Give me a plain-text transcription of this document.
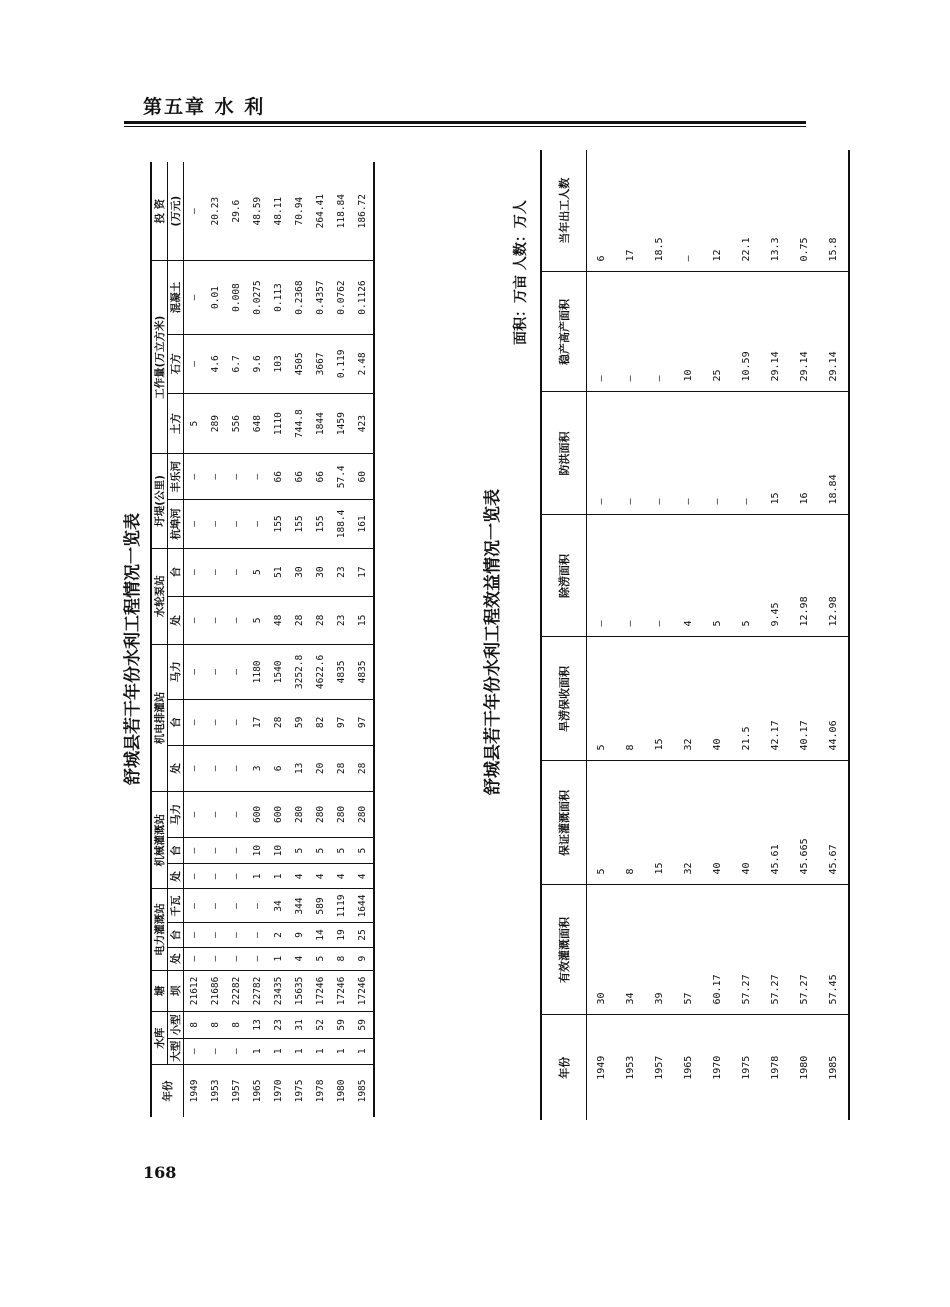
第五章 水 利
舒城县若干年份水利工程情况一览表
年份	水库		塘	电力灌溉站			机械灌溉站			机电排灌站			水轮泵站		圩堤(公里)		工作量(万立方米)			投 资
	大型	小型	坝																	(万元)
				处	台	千瓦	处	台	马力	处	台	马力	处	台	杭埠河	丰乐河	土方	石方	混凝土	
1949	—	8	21612	—	—	—	—	—	—	—	—	—	—	—	—	—	5	—	—	—
1953	—	8	21686	—	—	—	—	—	—	—	—	—	—	—	—	—	289	4.6	0.01	20.23
1957	—	8	22282	—	—	—	—	—	—	—	—	—	—	—	—	—	556	6.7	0.008	29.6
1965	1	13	22782	—	—	—	1	10	600	3	17	1180	5	5	—	—	648	9.6	0.0275	48.59
1970	1	23	23435	1	2	34	1	10	600	6	28	1540	48	51	155	66	1110	103	0.113	48.11
1975	1	31	15635	4	9	344	4	5	280	13	59	3252.8	28	30	155	66	744.8	4505	0.2368	70.94
1978	1	52	17246	5	14	589	4	5	280	20	82	4622.6	28	30	155	66	1844	3667	0.4357	264.41
1980	1	59	17246	8	19	1119	4	5	280	28	97	4835	23	23	188.4	57.4	1459	0.119	0.0762	118.84
1985	1	59	17246	9	25	1644	4	5	280	28	97	4835	15	17	161	60	423	2.48	0.1126	186.72
舒城县若干年份水利工程效益情况一览表
面积：万亩 人数：万人
年份	有效灌溉面积	保证灌溉面积	旱涝保收面积	除涝面积	防洪面积	稳产高产面积	当年出工人数
1949	30	5	5	—	—	—	6
1953	34	8	8	—	—	—	17
1957	39	15	15	—	—	—	18.5
1965	57	32	32	4	—	10	—
1970	60.17	40	40	5	—	25	12
1975	57.27	40	21.5	5	—	10.59	22.1
1978	57.27	45.61	42.17	9.45	15	29.14	13.3
1980	57.27	45.665	40.17	12.98	16	29.14	0.75
1985	57.45	45.67	44.06	12.98	18.84	29.14	15.8
168
